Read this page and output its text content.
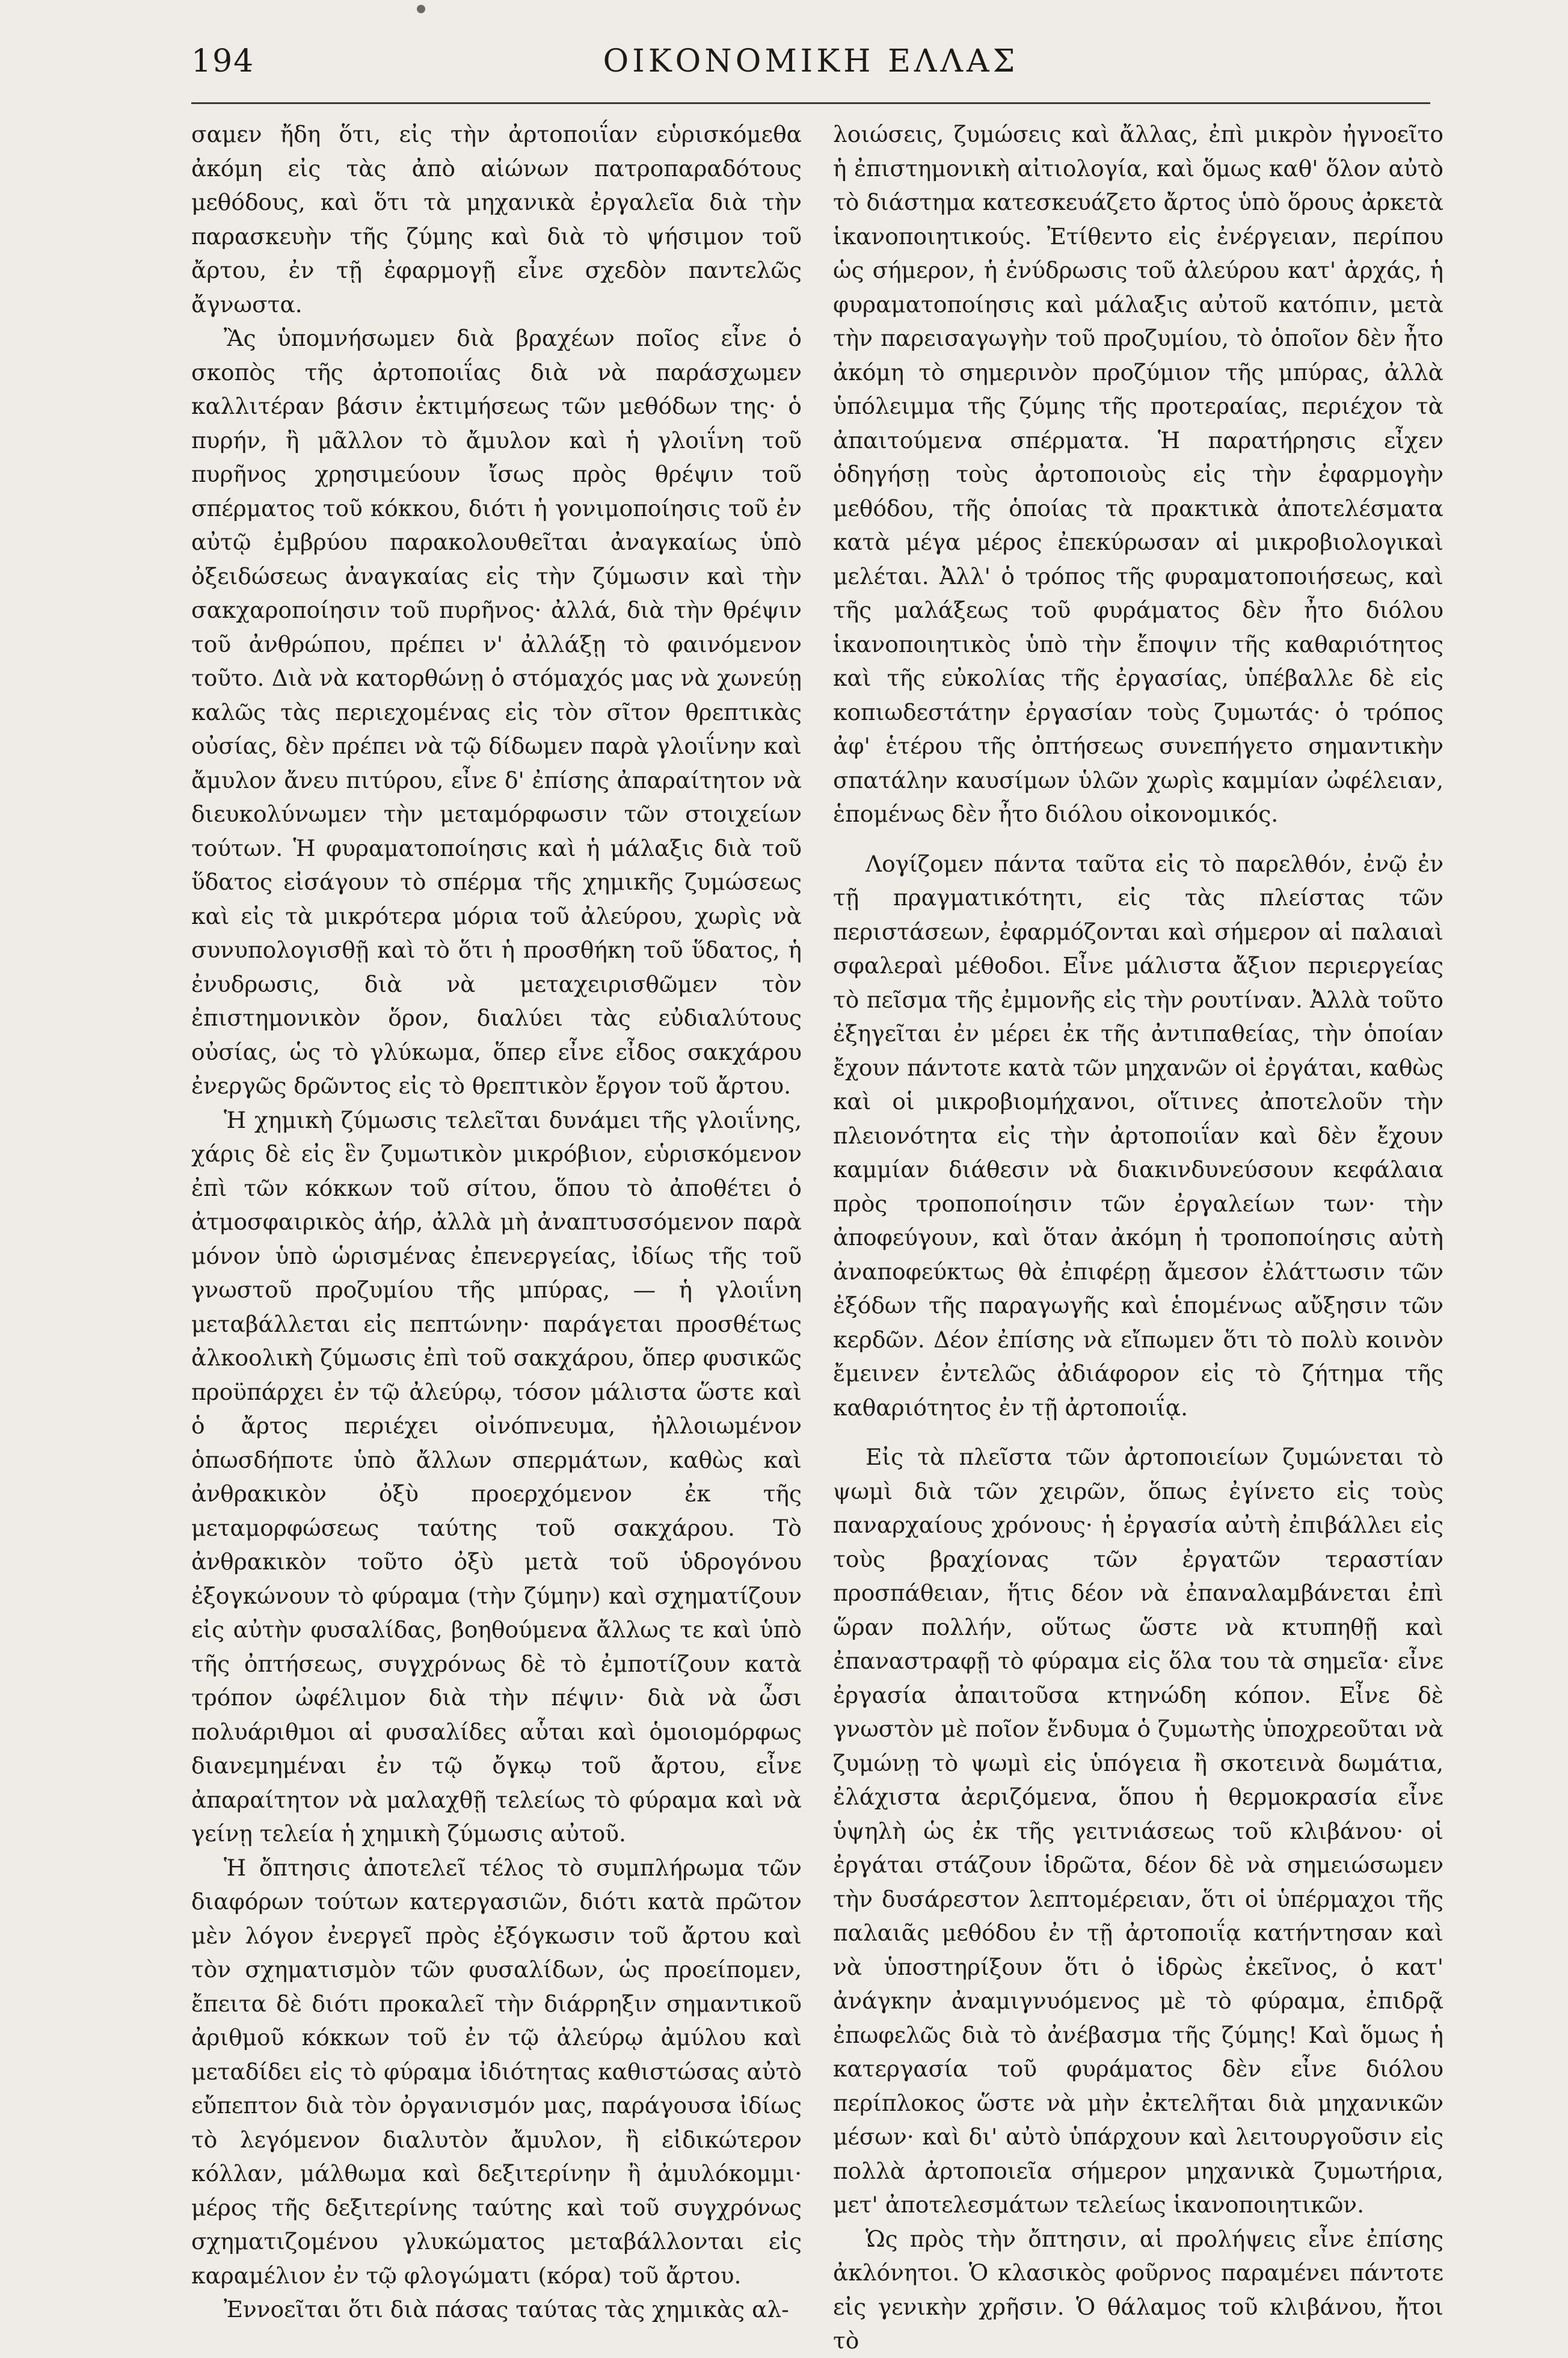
194	ΟΙΚΟΝΟΜΙΚΗ ΕΛΛΑΣ

σαμεν ἤδη ὅτι, εἰς τὴν ἀρτοποιΐαν εὑρισκόμεθα ἀκόμη εἰς τὰς ἀπὸ αἰώνων πατροπαραδότους μεθόδους, καὶ ὅτι τὰ μηχανικὰ ἐργαλεῖα διὰ τὴν παρασκευὴν τῆς ζύμης καὶ διὰ τὸ ψήσιμον τοῦ ἄρτου, ἐν τῇ ἐφαρμογῇ εἶνε σχεδὸν παντελῶς ἄγνωστα.

Ἂς ὑπομνήσωμεν διὰ βραχέων ποῖος εἶνε ὁ σκοπὸς τῆς ἀρτοποιΐας διὰ νὰ παράσχωμεν καλλιτέραν βάσιν ἐκτιμήσεως τῶν μεθόδων της· ὁ πυρήν, ἢ μᾶλλον τὸ ἄμυλον καὶ ἡ γλοιΐνη τοῦ πυρῆνος χρησιμεύουν ἴσως πρὸς θρέψιν τοῦ σπέρματος τοῦ κόκκου, διότι ἡ γονιμοποίησις τοῦ ἐν αὐτῷ ἐμβρύου παρακολουθεῖται ἀναγκαίως ὑπὸ ὀξειδώσεως ἀναγκαίας εἰς τὴν ζύμωσιν καὶ τὴν σακχαροποίησιν τοῦ πυρῆνος· ἀλλά, διὰ τὴν θρέψιν τοῦ ἀνθρώπου, πρέπει ν' ἀλλάξῃ τὸ φαινόμενον τοῦτο. Διὰ νὰ κατορθώνῃ ὁ στόμαχός μας νὰ χωνεύῃ καλῶς τὰς περιεχομένας εἰς τὸν σῖτον θρεπτικὰς οὐσίας, δὲν πρέπει νὰ τῷ δίδωμεν παρὰ γλοιΐνην καὶ ἄμυλον ἄνευ πιτύρου, εἶνε δ' ἐπίσης ἀπαραίτητον νὰ διευκολύνωμεν τὴν μεταμόρφωσιν τῶν στοιχείων τούτων. Ἡ φυραματοποίησις καὶ ἡ μάλαξις διὰ τοῦ ὕδατος εἰσάγουν τὸ σπέρμα τῆς χημικῆς ζυμώσεως καὶ εἰς τὰ μικρότερα μόρια τοῦ ἀλεύρου, χωρὶς νὰ συνυπολογισθῇ καὶ τὸ ὅτι ἡ προσθήκη τοῦ ὕδατος, ἡ ἐνυδρωσις, διὰ νὰ μεταχειρισθῶμεν τὸν ἐπιστημονικὸν ὅρον, διαλύει τὰς εὐδιαλύτους οὐσίας, ὡς τὸ γλύκωμα, ὅπερ εἶνε εἶδος σακχάρου ἐνεργῶς δρῶντος εἰς τὸ θρεπτικὸν ἔργον τοῦ ἄρτου.

Ἡ χημικὴ ζύμωσις τελεῖται δυνάμει τῆς γλοιΐνης, χάρις δὲ εἰς ἓν ζυμωτικὸν μικρόβιον, εὑρισκόμενον ἐπὶ τῶν κόκκων τοῦ σίτου, ὅπου τὸ ἀποθέτει ὁ ἀτμοσφαιρικὸς ἀήρ, ἀλλὰ μὴ ἀναπτυσσόμενον παρὰ μόνον ὑπὸ ὡρισμένας ἐπενεργείας, ἰδίως τῆς τοῦ γνωστοῦ προζυμίου τῆς μπύρας, — ἡ γλοιΐνη μεταβάλλεται εἰς πεπτώνην· παράγεται προσθέτως ἀλκοολικὴ ζύμωσις ἐπὶ τοῦ σακχάρου, ὅπερ φυσικῶς προϋπάρχει ἐν τῷ ἀλεύρῳ, τόσον μάλιστα ὥστε καὶ ὁ ἄρτος περιέχει οἰνόπνευμα, ἠλλοιωμένον ὁπωσδήποτε ὑπὸ ἄλλων σπερμάτων, καθὼς καὶ ἀνθρακικὸν ὀξὺ προερχόμενον ἐκ τῆς μεταμορφώσεως ταύτης τοῦ σακχάρου. Τὸ ἀνθρακικὸν τοῦτο ὀξὺ μετὰ τοῦ ὑδρογόνου ἐξογκώνουν τὸ φύραμα (τὴν ζύμην) καὶ σχηματίζουν εἰς αὐτὴν φυσαλίδας, βοηθούμενα ἄλλως τε καὶ ὑπὸ τῆς ὀπτήσεως, συγχρόνως δὲ τὸ ἐμποτίζουν κατὰ τρόπον ὠφέλιμον διὰ τὴν πέψιν· διὰ νὰ ὦσι πολυάριθμοι αἱ φυσαλίδες αὗται καὶ ὁμοιομόρφως διανεμημέναι ἐν τῷ ὄγκῳ τοῦ ἄρτου, εἶνε ἀπαραίτητον νὰ μαλαχθῇ τελείως τὸ φύραμα καὶ νὰ γείνῃ τελεία ἡ χημικὴ ζύμωσις αὐτοῦ.

Ἡ ὄπτησις ἀποτελεῖ τέλος τὸ συμπλήρωμα τῶν διαφόρων τούτων κατεργασιῶν, διότι κατὰ πρῶτον μὲν λόγον ἐνεργεῖ πρὸς ἐξόγκωσιν τοῦ ἄρτου καὶ τὸν σχηματισμὸν τῶν φυσαλίδων, ὡς προείπομεν, ἔπειτα δὲ διότι προκαλεῖ τὴν διάρρηξιν σημαντικοῦ ἀριθμοῦ κόκκων τοῦ ἐν τῷ ἀλεύρῳ ἀμύλου καὶ μεταδίδει εἰς τὸ φύραμα ἰδιότητας καθιστώσας αὐτὸ εὔπεπτον διὰ τὸν ὀργανισμόν μας, παράγουσα ἰδίως τὸ λεγόμενον διαλυτὸν ἄμυλον, ἢ εἰδικώτερον κόλλαν, μάλθωμα καὶ δεξιτερίνην ἢ ἀμυλόκομμι· μέρος τῆς δεξιτερίνης ταύτης καὶ τοῦ συγχρόνως σχηματιζομένου γλυκώματος μεταβάλλονται εἰς καραμέλιον ἐν τῷ φλογώματι (κόρα) τοῦ ἄρτου.

Ἐννοεῖται ὅτι διὰ πάσας ταύτας τὰς χημικὰς αλ-

λοιώσεις, ζυμώσεις καὶ ἄλλας, ἐπὶ μικρὸν ἠγνοεῖτο ἡ ἐπιστημονικὴ αἰτιολογία, καὶ ὅμως καθ' ὅλον αὐτὸ τὸ διάστημα κατεσκευάζετο ἄρτος ὑπὸ ὅρους ἀρκετὰ ἱκανοποιητικούς. Ἐτίθεντο εἰς ἐνέργειαν, περίπου ὡς σήμερον, ἡ ἐνύδρωσις τοῦ ἀλεύρου κατ' ἀρχάς, ἡ φυραματοποίησις καὶ μάλαξις αὐτοῦ κατόπιν, μετὰ τὴν παρεισαγωγὴν τοῦ προζυμίου, τὸ ὁποῖον δὲν ἦτο ἀκόμη τὸ σημερινὸν προζύμιον τῆς μπύρας, ἀλλὰ ὑπόλειμμα τῆς ζύμης τῆς προτεραίας, περιέχον τὰ ἀπαιτούμενα σπέρματα. Ἡ παρατήρησις εἶχεν ὁδηγήσῃ τοὺς ἀρτοποιοὺς εἰς τὴν ἐφαρμογὴν μεθόδου, τῆς ὁποίας τὰ πρακτικὰ ἀποτελέσματα κατὰ μέγα μέρος ἐπεκύρωσαν αἱ μικροβιολογικαὶ μελέται. Ἀλλ' ὁ τρόπος τῆς φυραματοποιήσεως, καὶ τῆς μαλάξεως τοῦ φυράματος δὲν ἦτο διόλου ἱκανοποιητικὸς ὑπὸ τὴν ἔποψιν τῆς καθαριότητος καὶ τῆς εὐκολίας τῆς ἐργασίας, ὑπέβαλλε δὲ εἰς κοπιωδεστάτην ἐργασίαν τοὺς ζυμωτάς· ὁ τρόπος ἀφ' ἑτέρου τῆς ὀπτήσεως συνεπήγετο σημαντικὴν σπατάλην καυσίμων ὑλῶν χωρὶς καμμίαν ὠφέλειαν, ἑπομένως δὲν ἦτο διόλου οἰκονομικός.

Λογίζομεν πάντα ταῦτα εἰς τὸ παρελθόν, ἐνῷ ἐν τῇ πραγματικότητι, εἰς τὰς πλείστας τῶν περιστάσεων, ἐφαρμόζονται καὶ σήμερον αἱ παλαιαὶ σφαλεραὶ μέθοδοι. Εἶνε μάλιστα ἄξιον περιεργείας τὸ πεῖσμα τῆς ἐμμονῆς εἰς τὴν ρουτίναν. Ἀλλὰ τοῦτο ἐξηγεῖται ἐν μέρει ἐκ τῆς ἀντιπαθείας, τὴν ὁποίαν ἔχουν πάντοτε κατὰ τῶν μηχανῶν οἱ ἐργάται, καθὼς καὶ οἱ μικροβιομήχανοι, οἵτινες ἀποτελοῦν τὴν πλειονότητα εἰς τὴν ἀρτοποιΐαν καὶ δὲν ἔχουν καμμίαν διάθεσιν νὰ διακινδυνεύσουν κεφάλαια πρὸς τροποποίησιν τῶν ἐργαλείων των· τὴν ἀποφεύγουν, καὶ ὅταν ἀκόμη ἡ τροποποίησις αὐτὴ ἀναποφεύκτως θὰ ἐπιφέρῃ ἄμεσον ἐλάττωσιν τῶν ἐξόδων τῆς παραγωγῆς καὶ ἑπομένως αὔξησιν τῶν κερδῶν. Δέον ἐπίσης νὰ εἴπωμεν ὅτι τὸ πολὺ κοινὸν ἔμεινεν ἐντελῶς ἀδιάφορον εἰς τὸ ζήτημα τῆς καθαριότητος ἐν τῇ ἀρτοποιΐᾳ.

Εἰς τὰ πλεῖστα τῶν ἀρτοποιείων ζυμώνεται τὸ ψωμὶ διὰ τῶν χειρῶν, ὅπως ἐγίνετο εἰς τοὺς παναρχαίους χρόνους· ἡ ἐργασία αὐτὴ ἐπιβάλλει εἰς τοὺς βραχίονας τῶν ἐργατῶν τεραστίαν προσπάθειαν, ἥτις δέον νὰ ἐπαναλαμβάνεται ἐπὶ ὥραν πολλήν, οὕτως ὥστε νὰ κτυπηθῇ καὶ ἐπαναστραφῇ τὸ φύραμα εἰς ὅλα του τὰ σημεῖα· εἶνε ἐργασία ἀπαιτοῦσα κτηνώδη κόπον. Εἶνε δὲ γνωστὸν μὲ ποῖον ἔνδυμα ὁ ζυμωτὴς ὑποχρεοῦται νὰ ζυμώνῃ τὸ ψωμὶ εἰς ὑπόγεια ἢ σκοτεινὰ δωμάτια, ἐλάχιστα ἀεριζόμενα, ὅπου ἡ θερμοκρασία εἶνε ὑψηλὴ ὡς ἐκ τῆς γειτνιάσεως τοῦ κλιβάνου· οἱ ἐργάται στάζουν ἱδρῶτα, δέον δὲ νὰ σημειώσωμεν τὴν δυσάρεστον λεπτομέρειαν, ὅτι οἱ ὑπέρμαχοι τῆς παλαιᾶς μεθόδου ἐν τῇ ἀρτοποιΐᾳ κατήντησαν καὶ νὰ ὑποστηρίξουν ὅτι ὁ ἱδρὼς ἐκεῖνος, ὁ κατ' ἀνάγκην ἀναμιγνυόμενος μὲ τὸ φύραμα, ἐπιδρᾷ ἐπωφελῶς διὰ τὸ ἀνέβασμα τῆς ζύμης! Καὶ ὅμως ἡ κατεργασία τοῦ φυράματος δὲν εἶνε διόλου περίπλοκος ὥστε νὰ μὴν ἐκτελῆται διὰ μηχανικῶν μέσων· καὶ δι' αὐτὸ ὑπάρχουν καὶ λειτουργοῦσιν εἰς πολλὰ ἀρτοποιεῖα σήμερον μηχανικὰ ζυμωτήρια, μετ' ἀποτελεσμάτων τελείως ἱκανοποιητικῶν.

Ὡς πρὸς τὴν ὄπτησιν, αἱ προλήψεις εἶνε ἐπίσης ἀκλόνητοι. Ὁ κλασικὸς φοῦρνος παραμένει πάντοτε εἰς γενικὴν χρῆσιν. Ὁ θάλαμος τοῦ κλιβάνου, ἤτοι τὸ
